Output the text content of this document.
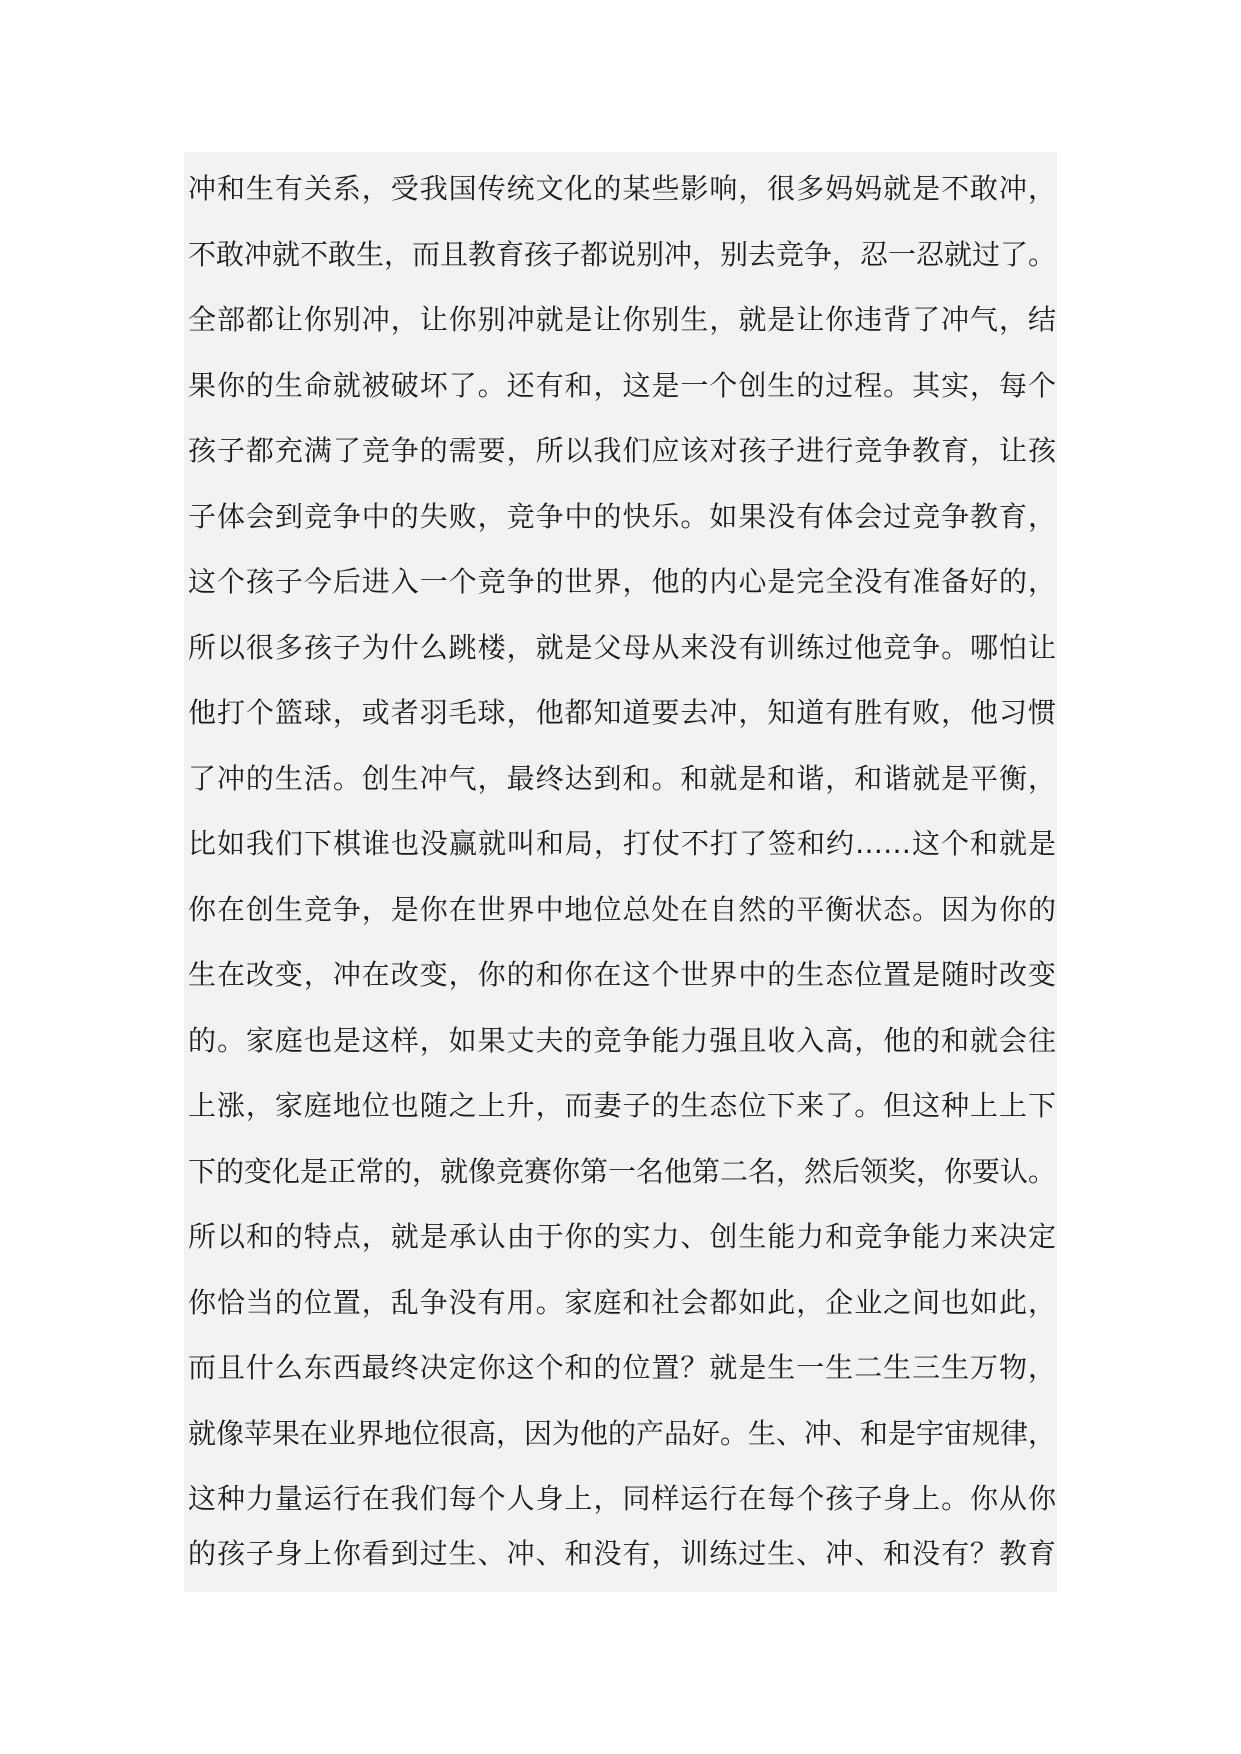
冲和生有关系，受我国传统文化的某些影响，很多妈妈就是不敢冲，
不敢冲就不敢生，而且教育孩子都说别冲，别去竞争，忍一忍就过了。
全部都让你别冲，让你别冲就是让你别生，就是让你违背了冲气，结
果你的生命就被破坏了。还有和，这是一个创生的过程。其实，每个
孩子都充满了竞争的需要，所以我们应该对孩子进行竞争教育，让孩
子体会到竞争中的失败，竞争中的快乐。如果没有体会过竞争教育，
这个孩子今后进入一个竞争的世界，他的内心是完全没有准备好的，
所以很多孩子为什么跳楼，就是父母从来没有训练过他竞争。哪怕让
他打个篮球，或者羽毛球，他都知道要去冲，知道有胜有败，他习惯
了冲的生活。创生冲气，最终达到和。和就是和谐，和谐就是平衡，
比如我们下棋谁也没赢就叫和局，打仗不打了签和约……这个和就是
你在创生竞争，是你在世界中地位总处在自然的平衡状态。因为你的
生在改变，冲在改变，你的和你在这个世界中的生态位置是随时改变
的。家庭也是这样，如果丈夫的竞争能力强且收入高，他的和就会往
上涨，家庭地位也随之上升，而妻子的生态位下来了。但这种上上下
下的变化是正常的，就像竞赛你第一名他第二名，然后领奖，你要认。
所以和的特点，就是承认由于你的实力、创生能力和竞争能力来决定
你恰当的位置，乱争没有用。家庭和社会都如此，企业之间也如此，
而且什么东西最终决定你这个和的位置？就是生一生二生三生万物，
就像苹果在业界地位很高，因为他的产品好。生、冲、和是宇宙规律，
这种力量运行在我们每个人身上，同样运行在每个孩子身上。你从你
的孩子身上你看到过生、冲、和没有，训练过生、冲、和没有？教育
